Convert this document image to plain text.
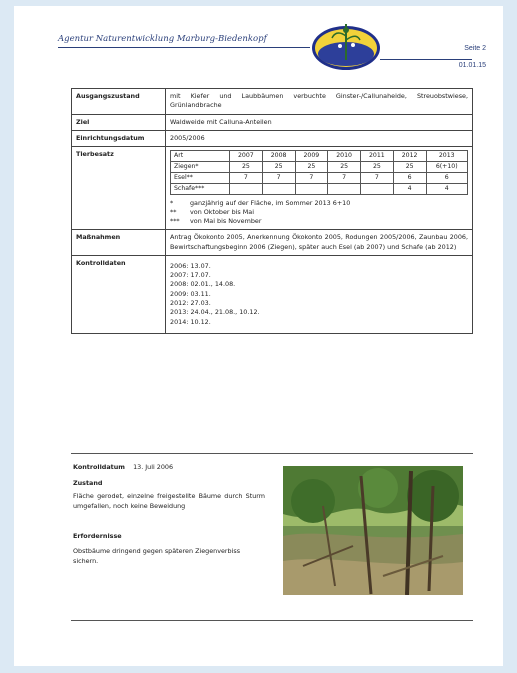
Agentur Naturentwicklung Marburg-Biedenkopf
Seite 2
01.01.15
Ausgangszustand	mit Kiefer und Laubbäumen verbuchte Ginster-/Callunaheide, Streuobstwiese, Grünlandbrache
Ziel	Waldweide mit Calluna-Anteilen
Einrichtungsdatum	2005/2006
Tierbesatz		Art	2007	2008	2009	2010	2011	2012	2013
Ziegen*	25	25	25	25	25	25	6(+10)
Esel**	7	7	7	7	7	6	6
Schafe***						4	4
*	ganzjährig auf der Fläche, im Sommer 2013 6+10
**	von Oktober bis Mai
***	von Mai bis November

Maßnahmen	Antrag Ökokonto 2005, Anerkennung Ökokonto 2005, Rodungen 2005/2006, Zaunbau 2006, Bewirtschaftungsbeginn 2006 (Ziegen), später auch Esel (ab 2007) und Schafe (ab 2012)
Kontrolldaten	2006: 13.07.
2007: 17.07.
2008: 02.01., 14.08.
2009: 03.11.
2012: 27.03.
2013: 24.04., 21.08., 10.12.
2014: 10.12.
Kontrolldatum 13. Juli 2006
Zustand
Fläche gerodet, einzelne freigestellte Bäume durch Sturm umgefallen, noch keine Beweidung
Erfordernisse
Obstbäume dringend gegen späteren Ziegenverbiss sichern.
